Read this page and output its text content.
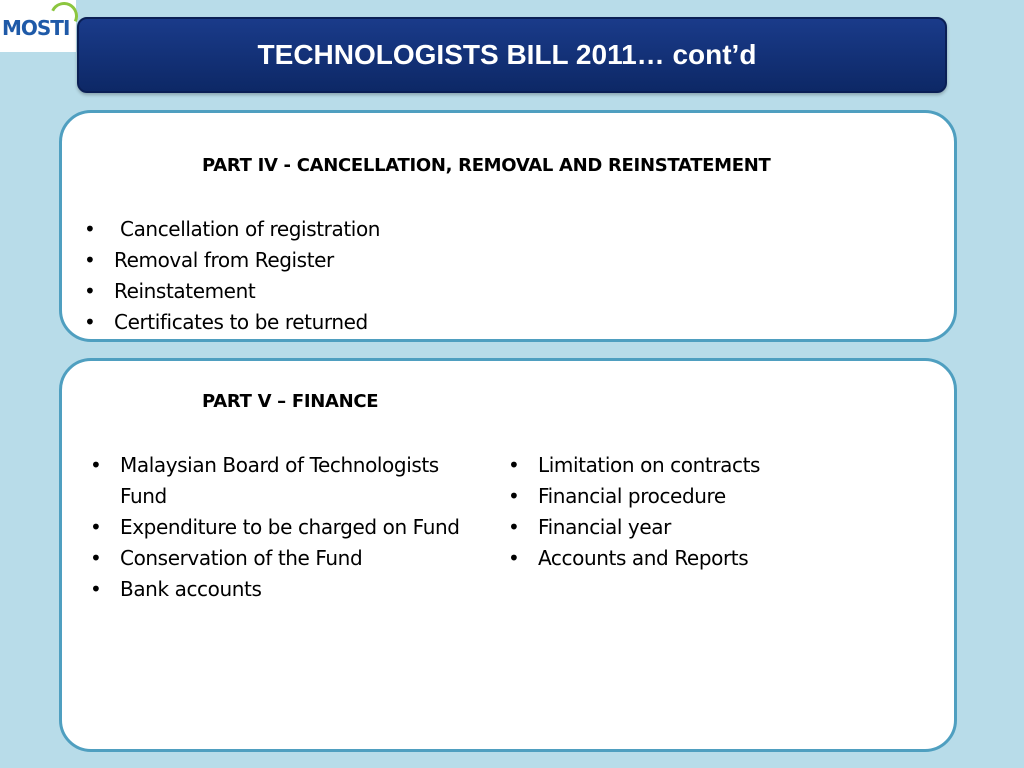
MOSTI
TECHNOLOGISTS BILL 2011… cont’d
PART IV - CANCELLATION, REMOVAL AND REINSTATEMENT
• Cancellation of registration
• Removal from Register
• Reinstatement
• Certificates to be returned
PART V – FINANCE
• Malaysian Board of Technologists Fund
• Expenditure to be charged on Fund
• Conservation of the Fund
• Bank accounts
• Limitation on contracts
• Financial procedure
• Financial year
• Accounts and Reports
